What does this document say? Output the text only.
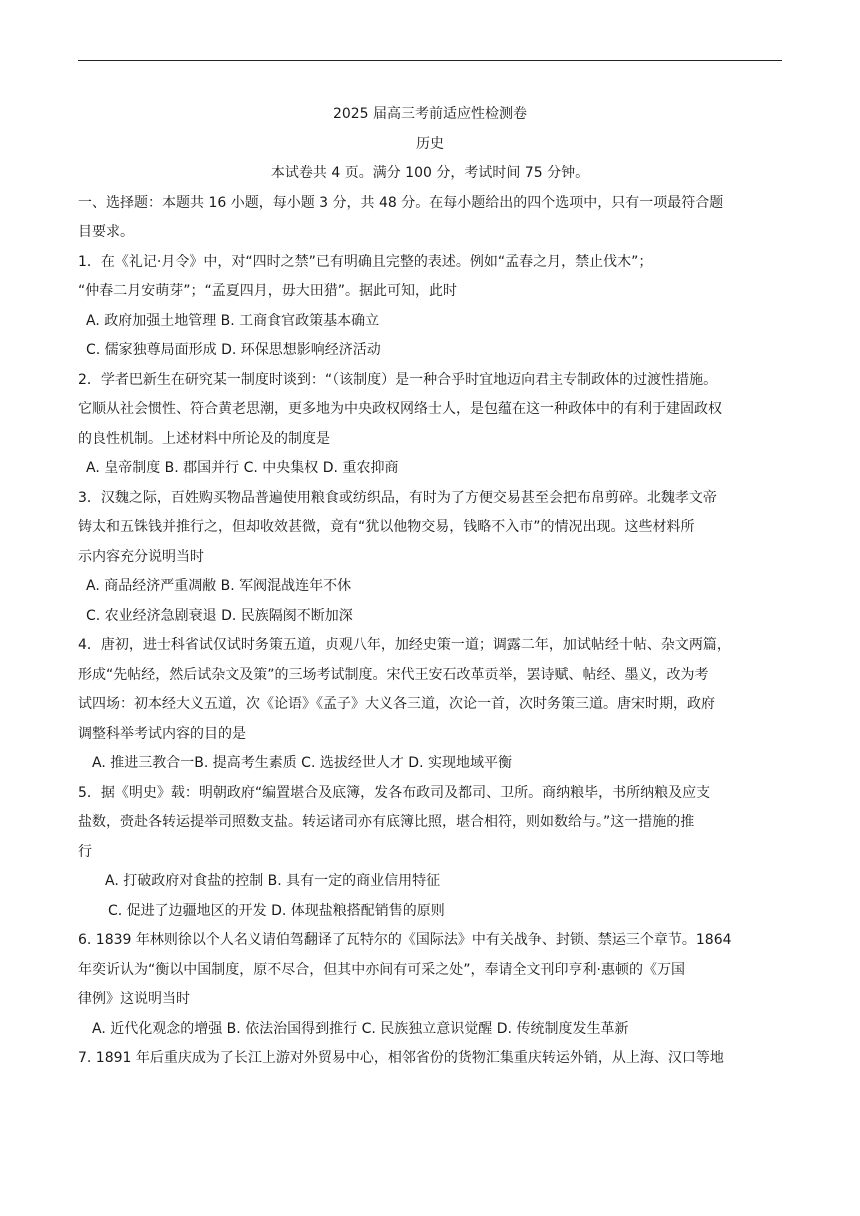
2025 届高三考前适应性检测卷
历史
本试卷共 4 页。满分 100 分，考试时间 75 分钟。
一、选择题：本题共 16 小题，每小题 3 分，共 48 分。在每小题给出的四个选项中，只有一项最符合题
目要求。
1．在《礼记·月令》中，对“四时之禁”已有明确且完整的表述。例如“孟春之月，禁止伐木”；
“仲春二月安萌芽”；“孟夏四月，毋大田猎”。据此可知，此时
A. 政府加强土地管理 B. 工商食官政策基本确立
C. 儒家独尊局面形成 D. 环保思想影响经济活动
2．学者巴新生在研究某一制度时谈到：“（该制度）是一种合乎时宜地迈向君主专制政体的过渡性措施。
它顺从社会惯性、符合黄老思潮，更多地为中央政权网络士人，是包蕴在这一种政体中的有利于建固政权
的良性机制。上述材料中所论及的制度是
A. 皇帝制度 B. 郡国并行 C. 中央集权 D. 重农抑商
3．汉魏之际，百姓购买物品普遍使用粮食或纺织品，有时为了方便交易甚至会把布帛剪碎。北魏孝文帝
铸太和五铢钱并推行之，但却收效甚微，竟有“犹以他物交易，钱略不入市”的情况出现。这些材料所
示内容充分说明当时
A. 商品经济严重凋敝 B. 军阀混战连年不休
C. 农业经济急剧衰退 D. 民族隔阂不断加深
4．唐初，进士科省试仅试时务策五道，贞观八年，加经史策一道；调露二年，加试帖经十帖、杂文两篇，
形成“先帖经，然后试杂文及策”的三场考试制度。宋代王安石改革贡举，罢诗赋、帖经、墨义，改为考
试四场：初本经大义五道，次《论语》《孟子》大义各三道，次论一首，次时务策三道。唐宋时期，政府
调整科举考试内容的目的是
A. 推进三教合一B. 提高考生素质 C. 选拔经世人才 D. 实现地域平衡
5．据《明史》载：明朝政府“编置堪合及底簿，发各布政司及都司、卫所。商纳粮毕，书所纳粮及应支
盐数，赍赴各转运提举司照数支盐。转运诸司亦有底簿比照，堪合相符，则如数给与。”这一措施的推
行
A. 打破政府对食盐的控制 B. 具有一定的商业信用特征
C. 促进了边疆地区的开发 D. 体现盐粮搭配销售的原则
6. 1839 年林则徐以个人名义请伯驾翻译了瓦特尔的《国际法》中有关战争、封锁、禁运三个章节。1864
年奕䜣认为“衡以中国制度，原不尽合，但其中亦间有可采之处”，奉请全文刊印亨利·惠顿的《万国
律例》这说明当时
A. 近代化观念的增强 B. 依法治国得到推行 C. 民族独立意识觉醒 D. 传统制度发生革新
7. 1891 年后重庆成为了长江上游对外贸易中心，相邻省份的货物汇集重庆转运外销，从上海、汉口等地
